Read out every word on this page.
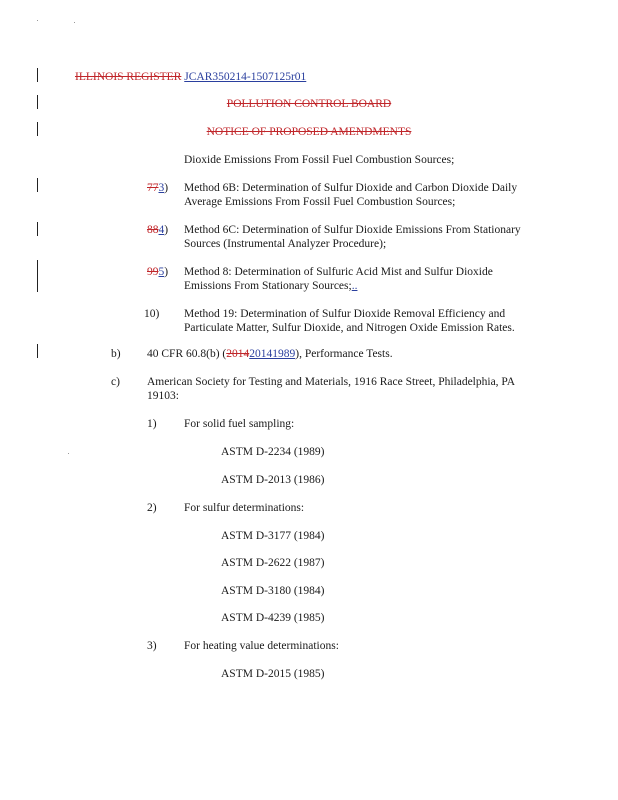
ILLINOIS REGISTER JCAR350214-1507125r01
POLLUTION CONTROL BOARD
NOTICE OF PROPOSED AMENDMENTS
Dioxide Emissions From Fossil Fuel Combustion Sources;
773) Method 6B: Determination of Sulfur Dioxide and Carbon Dioxide Daily
Average Emissions From Fossil Fuel Combustion Sources;
884) Method 6C: Determination of Sulfur Dioxide Emissions From Stationary
Sources (Instrumental Analyzer Procedure);
995) Method 8: Determination of Sulfuric Acid Mist and Sulfur Dioxide
Emissions From Stationary Sources;..
10) Method 19: Determination of Sulfur Dioxide Removal Efficiency and
Particulate Matter, Sulfur Dioxide, and Nitrogen Oxide Emission Rates.
b) 40 CFR 60.8(b) (201420141989), Performance Tests.
c) American Society for Testing and Materials, 1916 Race Street, Philadelphia, PA
19103:
1) For solid fuel sampling:
ASTM D-2234 (1989)
ASTM D-2013 (1986)
2) For sulfur determinations:
ASTM D-3177 (1984)
ASTM D-2622 (1987)
ASTM D-3180 (1984)
ASTM D-4239 (1985)
3) For heating value determinations:
ASTM D-2015 (1985)
